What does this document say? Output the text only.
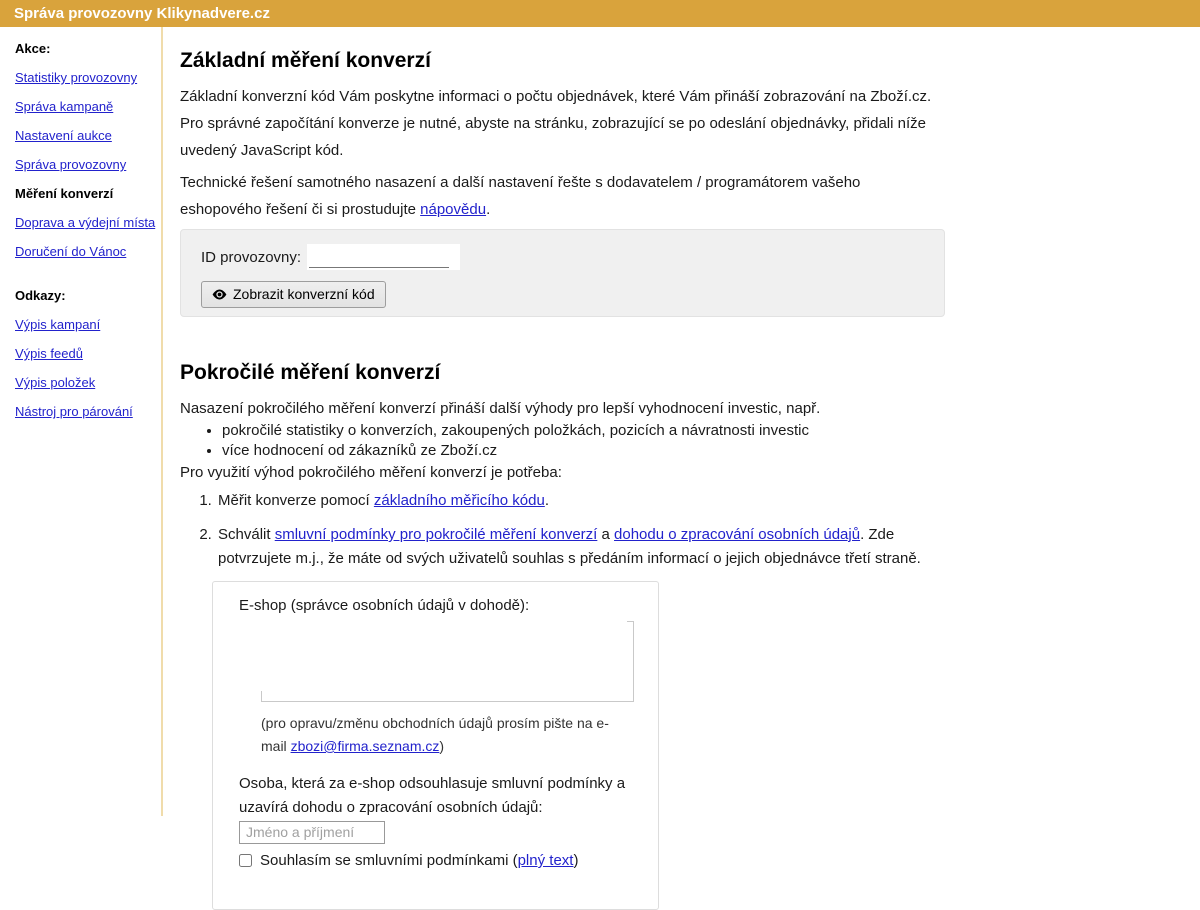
Správa provozovny Klikynadvere.cz
Akce:
Statistiky provozovny
Správa kampaně
Nastavení aukce
Správa provozovny
Měření konverzí
Doprava a výdejní místa
Doručení do Vánoc
Odkazy:
Výpis kampaní
Výpis feedů
Výpis položek
Nástroj pro párování
Základní měření konverzí

Základní konverzní kód Vám poskytne informaci o počtu objednávek, které Vám přináší zobrazování na Zboží.cz. Pro správné započítání konverze je nutné, abyste na stránku, zobrazující se po odeslání objednávky, přidali níže uvedený JavaScript kód.

Technické řešení samotného nasazení a další nastavení řešte s dodavatelem / programátorem vašeho eshopového řešení či si prostudujte nápovědu.

ID provozovny:
Zobrazit konverzní kód
Pokročilé měření konverzí

Nasazení pokročilého měření konverzí přináší další výhody pro lepší vyhodnocení investic, např.

• pokročilé statistiky o konverzích, zakoupených položkách, pozicích a návratnosti investic
• více hodnocení od zákazníků ze Zboží.cz

Pro využití výhod pokročilého měření konverzí je potřeba:

1. Měřit konverze pomocí základního měřicího kódu.
2. Schválit smluvní podmínky pro pokročilé měření konverzí a dohodu o zpracování osobních údajů. Zde potvrzujete m.j., že máte od svých uživatelů souhlas s předáním informací o jejich objednávce třetí straně.
E-shop (správce osobních údajů v dohodě):
(pro opravu/změnu obchodních údajů prosím pište na e-mail zbozi@firma.seznam.cz)
Osoba, která za e-shop odsouhlasuje smluvní podmínky a uzavírá dohodu o zpracování osobních údajů: Jméno a příjmení
Souhlasím se smluvními podmínkami (plný text)
